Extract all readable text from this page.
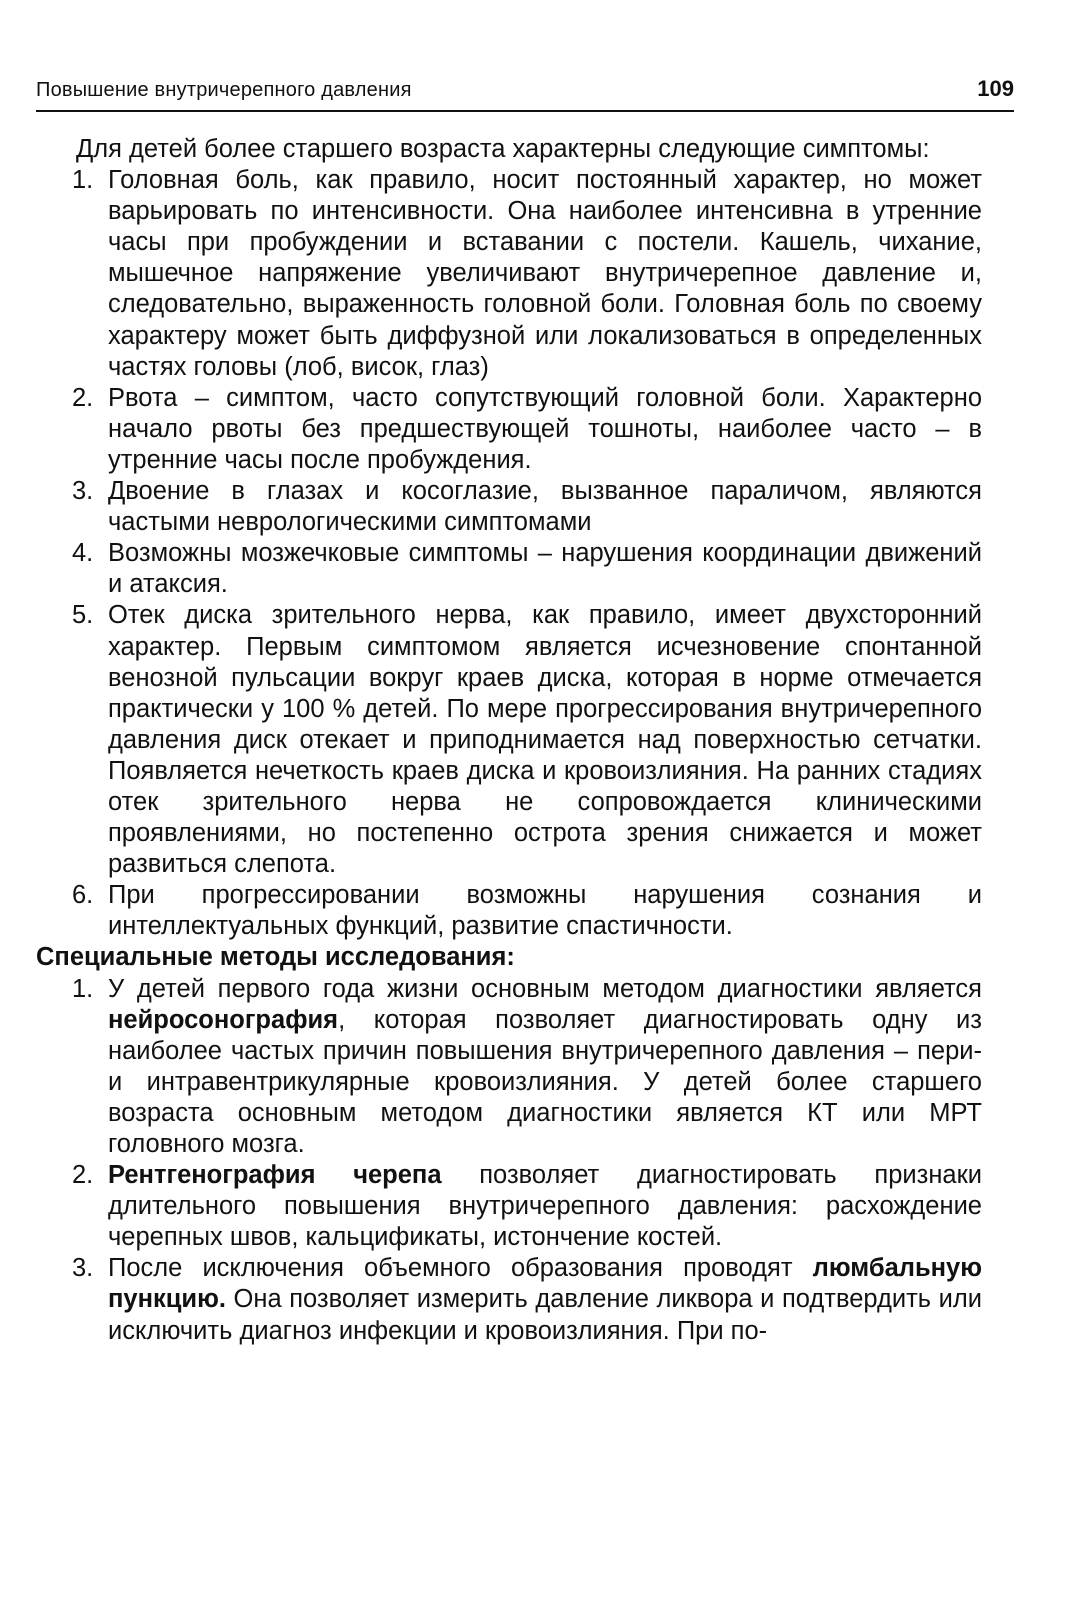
Повышение внутричерепного давления	109

Для детей более старшего возраста характерны следующие симптомы:

1. Головная боль, как правило, носит постоянный характер, но может варьировать по интенсивности. Она наиболее интенсивна в утренние часы при пробуждении и вставании с постели. Кашель, чихание, мышечное напряжение увеличивают внутричерепное давление и, следовательно, выраженность головной боли. Головная боль по своему характеру может быть диффузной или локализоваться в определенных частях головы (лоб, висок, глаз)
2. Рвота – симптом, часто сопутствующий головной боли. Характерно начало рвоты без предшествующей тошноты, наиболее часто – в утренние часы после пробуждения.
3. Двоение в глазах и косоглазие, вызванное параличом, являются частыми неврологическими симптомами
4. Возможны мозжечковые симптомы – нарушения координации движений и атаксия.
5. Отек диска зрительного нерва, как правило, имеет двухсторонний характер. Первым симптомом является исчезновение спонтанной венозной пульсации вокруг краев диска, которая в норме отмечается практически у 100 % детей. По мере прогрессирования внутричерепного давления диск отекает и приподнимается над поверхностью сетчатки. Появляется нечеткость краев диска и кровоизлияния. На ранних стадиях отек зрительного нерва не сопровождается клиническими проявлениями, но постепенно острота зрения снижается и может развиться слепота.
6. При прогрессировании возможны нарушения сознания и интеллектуальных функций, развитие спастичности.

Специальные методы исследования:

1. У детей первого года жизни основным методом диагностики является нейросонография, которая позволяет диагностировать одну из наиболее частых причин повышения внутричерепного давления – пери- и интравентрикулярные кровоизлияния. У детей более старшего возраста основным методом диагностики является КТ или МРТ головного мозга.
2. Рентгенография черепа позволяет диагностировать признаки длительного повышения внутричерепного давления: расхождение черепных швов, кальцификаты, истончение костей.
3. После исключения объемного образования проводят люмбальную пункцию. Она позволяет измерить давление ликвора и подтвердить или исключить диагноз инфекции и кровоизлияния. При по-
